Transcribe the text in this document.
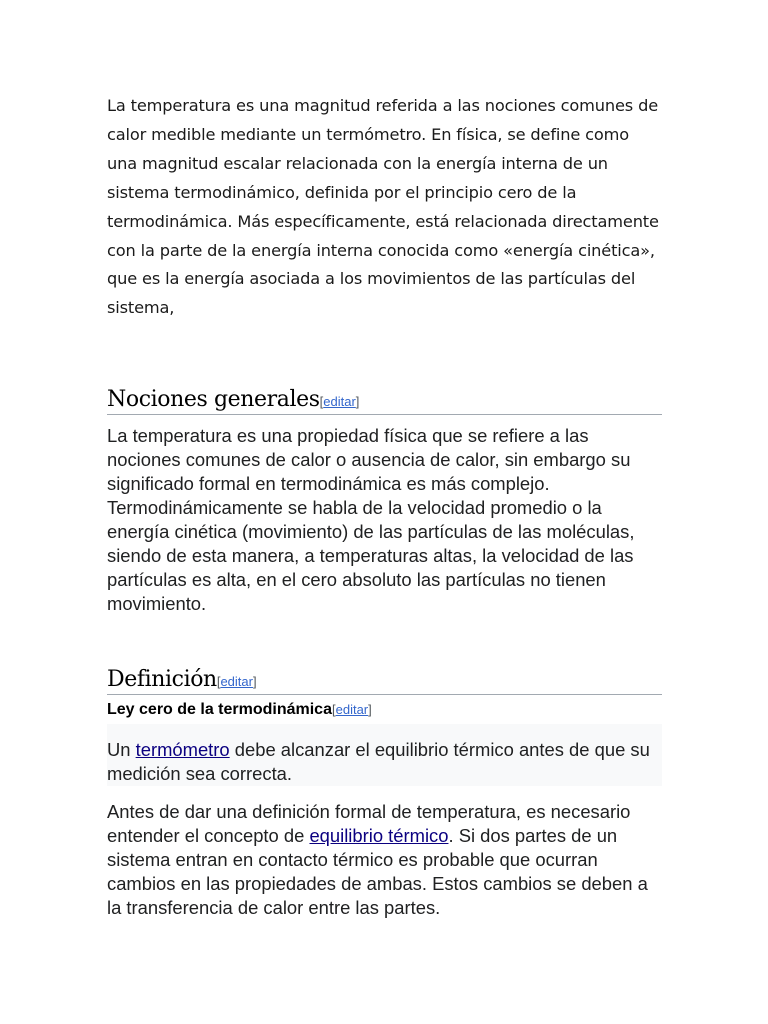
La temperatura es una magnitud referida a las nociones comunes de calor medible mediante un termómetro. En física, se define como una magnitud escalar relacionada con la energía interna de un sistema termodinámico, definida por el principio cero de la termodinámica. Más específicamente, está relacionada directamente con la parte de la energía interna conocida como «energía cinética», que es la energía asociada a los movimientos de las partículas del sistema,

Nociones generales[editar]

La temperatura es una propiedad física que se refiere a las nociones comunes de calor o ausencia de calor, sin embargo su significado formal en termodinámica es más complejo. Termodinámicamente se habla de la velocidad promedio o la energía cinética (movimiento) de las partículas de las moléculas, siendo de esta manera, a temperaturas altas, la velocidad de las partículas es alta, en el cero absoluto las partículas no tienen movimiento.

Definición[editar]
Ley cero de la termodinámica[editar]
Un termómetro debe alcanzar el equilibrio térmico antes de que su medición sea correcta.

Antes de dar una definición formal de temperatura, es necesario entender el concepto de equilibrio térmico. Si dos partes de un sistema entran en contacto térmico es probable que ocurran cambios en las propiedades de ambas. Estos cambios se deben a la transferencia de calor entre las partes.
